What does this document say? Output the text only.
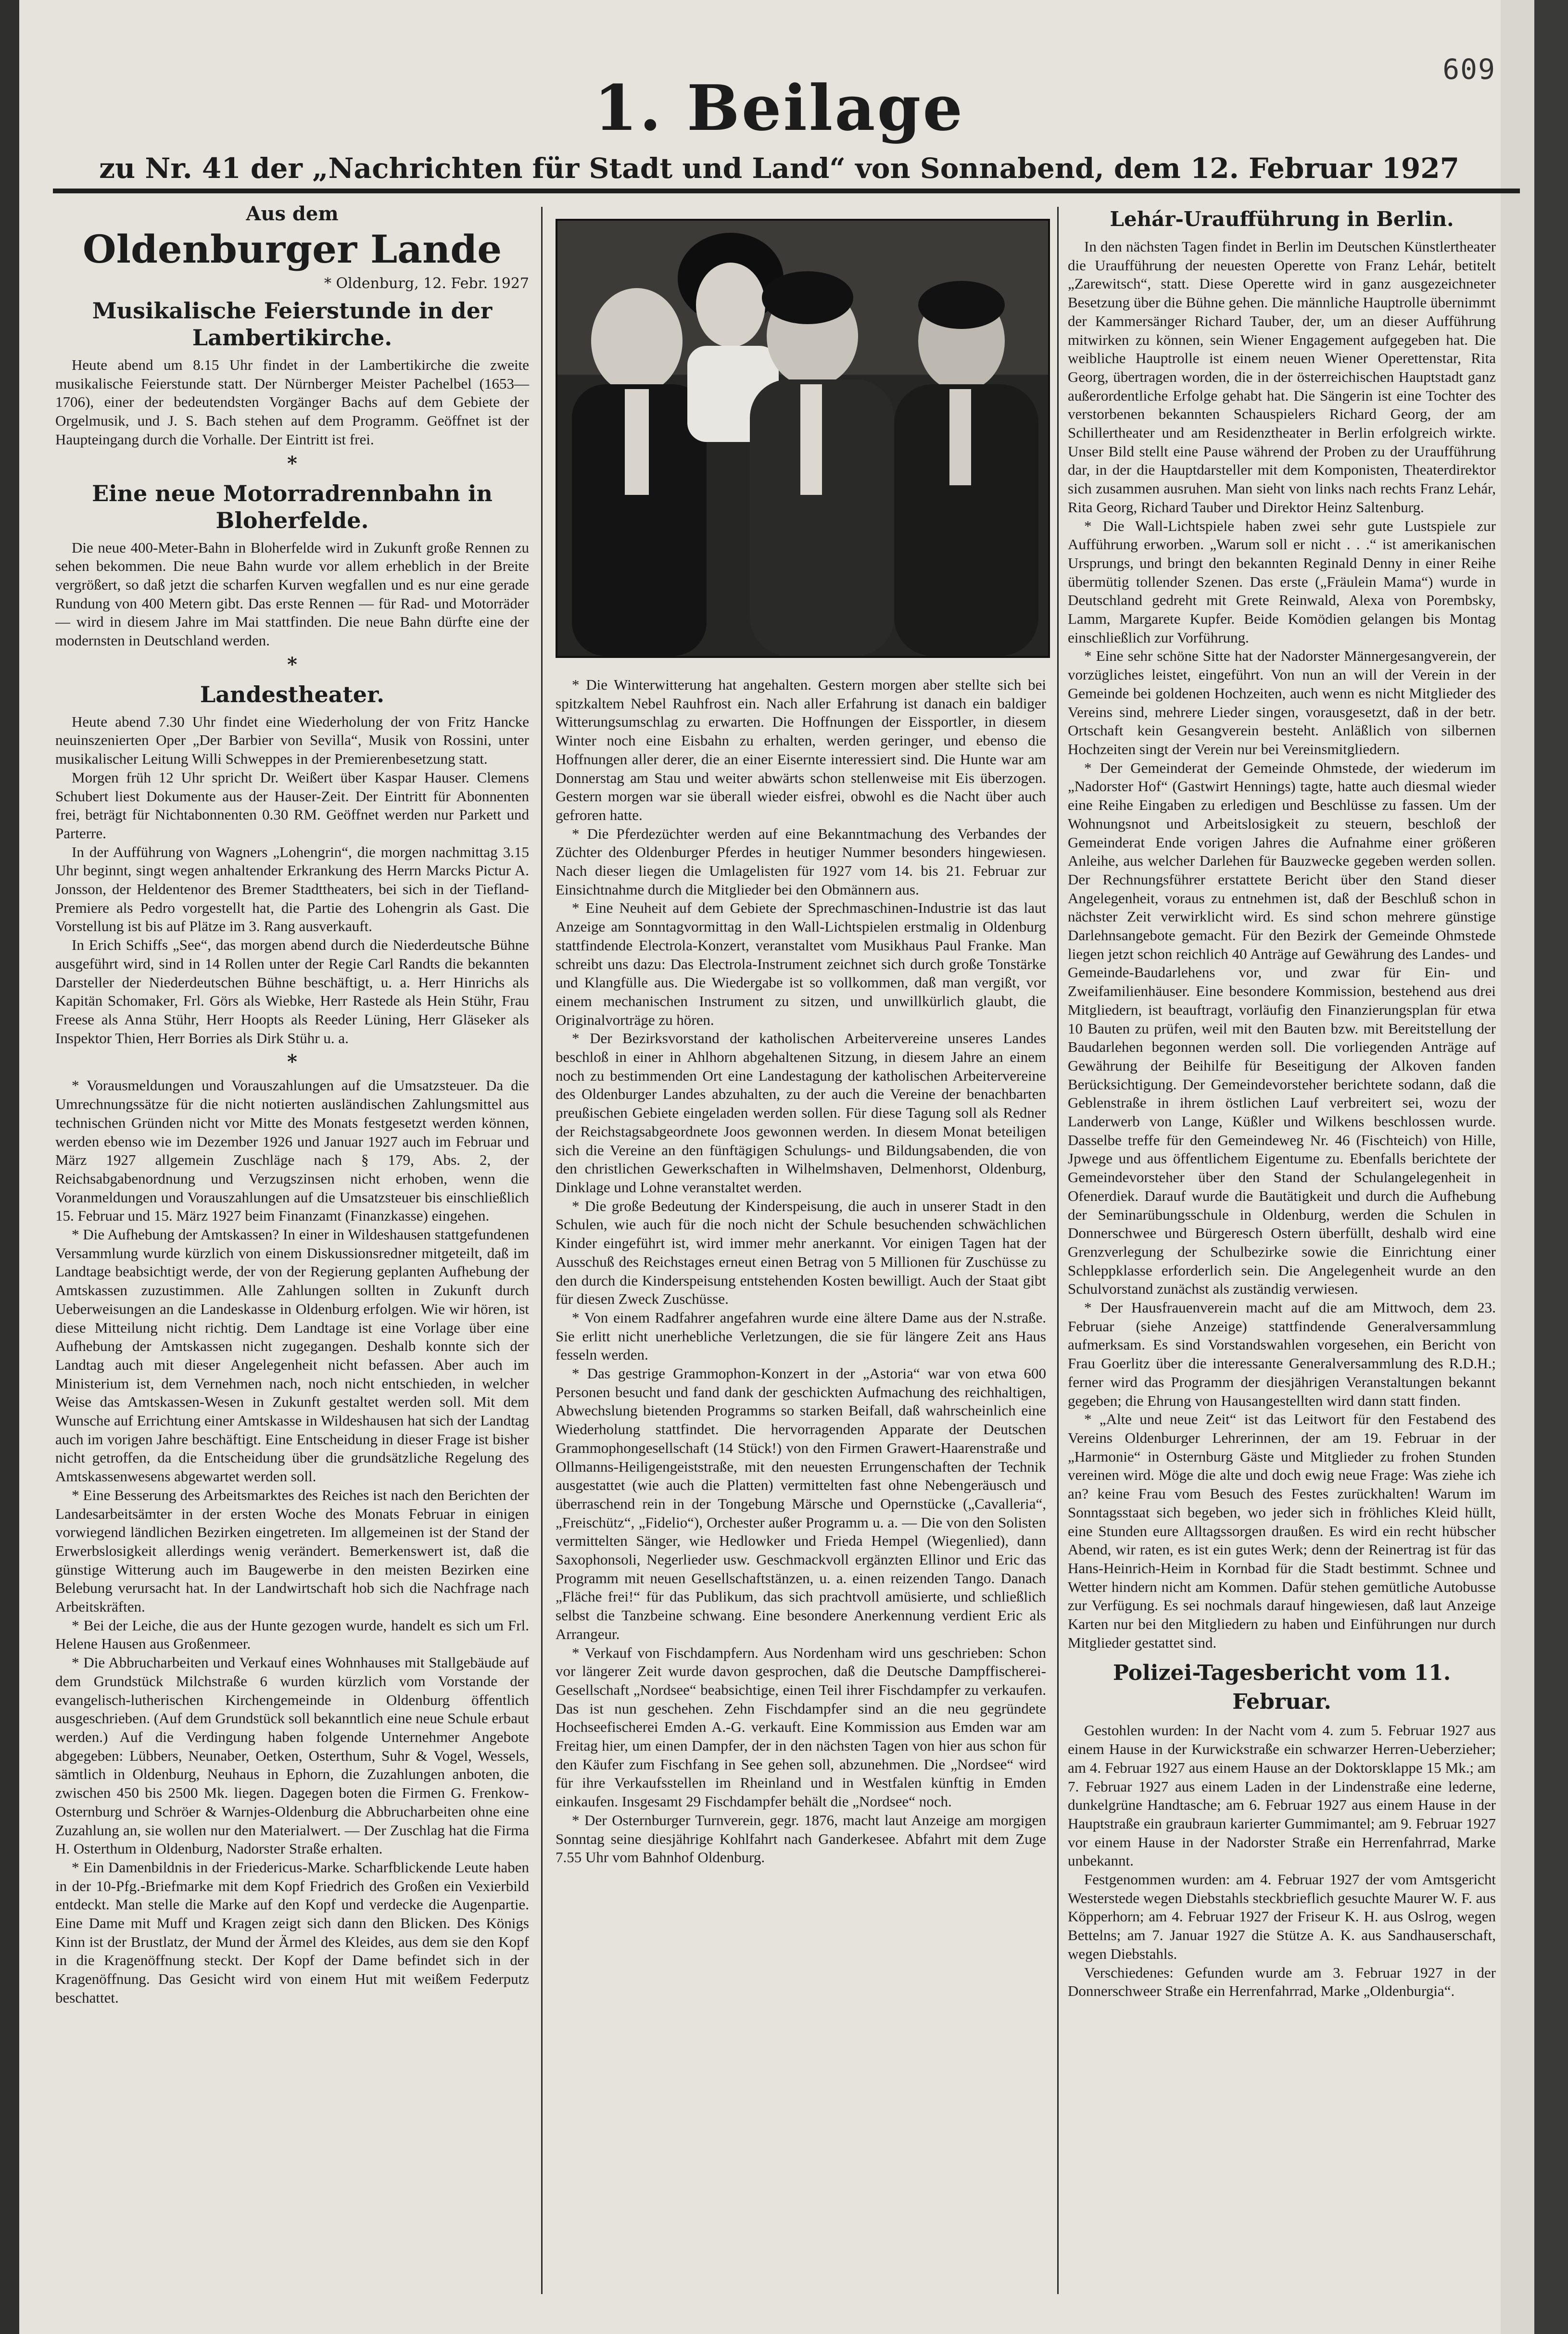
609
1. Beilage
zu Nr. 41 der „Nachrichten für Stadt und Land“ von Sonnabend, dem 12. Februar 1927
Aus dem
Oldenburger Lande
* Oldenburg, 12. Febr. 1927
Musikalische Feierstunde in der Lambertikirche.

Heute abend um 8.15 Uhr findet in der Lambertikirche die zweite musikalische Feierstunde statt. Der Nürnberger Meister Pachelbel (1653—1706), einer der bedeutendsten Vorgänger Bachs auf dem Gebiete der Orgelmusik, und J. S. Bach stehen auf dem Programm. Geöffnet ist der Haupteingang durch die Vorhalle. Der Eintritt ist frei.

*
Eine neue Motorradrennbahn in Bloherfelde.

Die neue 400-Meter-Bahn in Bloherfelde wird in Zukunft große Rennen zu sehen bekommen. Die neue Bahn wurde vor allem erheblich in der Breite vergrößert, so daß jetzt die scharfen Kurven wegfallen und es nur eine gerade Rundung von 400 Metern gibt. Das erste Rennen — für Rad- und Motorräder — wird in diesem Jahre im Mai stattfinden. Die neue Bahn dürfte eine der modernsten in Deutschland werden.

*
Landestheater.

Heute abend 7.30 Uhr findet eine Wiederholung der von Fritz Hancke neuinszenierten Oper „Der Barbier von Sevilla“, Musik von Rossini, unter musikalischer Leitung Willi Schweppes in der Premierenbesetzung statt.

Morgen früh 12 Uhr spricht Dr. Weißert über Kaspar Hauser. Clemens Schubert liest Dokumente aus der Hauser-Zeit. Der Eintritt für Abonnenten frei, beträgt für Nichtabonnenten 0.30 RM. Geöffnet werden nur Parkett und Parterre.

In der Aufführung von Wagners „Lohengrin“, die morgen nachmittag 3.15 Uhr beginnt, singt wegen anhaltender Erkrankung des Herrn Marcks Pictur A. Jonsson, der Heldentenor des Bremer Stadttheaters, bei sich in der Tiefland-Premiere als Pedro vorgestellt hat, die Partie des Lohengrin als Gast. Die Vorstellung ist bis auf Plätze im 3. Rang ausverkauft.

In Erich Schiffs „See“, das morgen abend durch die Niederdeutsche Bühne ausgeführt wird, sind in 14 Rollen unter der Regie Carl Randts die bekannten Darsteller der Niederdeutschen Bühne beschäftigt, u. a. Herr Hinrichs als Kapitän Schomaker, Frl. Görs als Wiebke, Herr Rastede als Hein Stühr, Frau Freese als Anna Stühr, Herr Hoopts als Reeder Lüning, Herr Gläseker als Inspektor Thien, Herr Borries als Dirk Stühr u. a.

*

* Vorausmeldungen und Vorauszahlungen auf die Umsatzsteuer. Da die Umrechnungssätze für die nicht notierten ausländischen Zahlungsmittel aus technischen Gründen nicht vor Mitte des Monats festgesetzt werden können, werden ebenso wie im Dezember 1926 und Januar 1927 auch im Februar und März 1927 allgemein Zuschläge nach § 179, Abs. 2, der Reichsabgabenordnung und Verzugszinsen nicht erhoben, wenn die Voranmeldungen und Vorauszahlungen auf die Umsatzsteuer bis einschließlich 15. Februar und 15. März 1927 beim Finanzamt (Finanzkasse) eingehen.

* Die Aufhebung der Amtskassen? In einer in Wildeshausen stattgefundenen Versammlung wurde kürzlich von einem Diskussionsredner mitgeteilt, daß im Landtage beabsichtigt werde, der von der Regierung geplanten Aufhebung der Amtskassen zuzustimmen. Alle Zahlungen sollten in Zukunft durch Ueberweisungen an die Landeskasse in Oldenburg erfolgen. Wie wir hören, ist diese Mitteilung nicht richtig. Dem Landtage ist eine Vorlage über eine Aufhebung der Amtskassen nicht zugegangen. Deshalb konnte sich der Landtag auch mit dieser Angelegenheit nicht befassen. Aber auch im Ministerium ist, dem Vernehmen nach, noch nicht entschieden, in welcher Weise das Amtskassen-Wesen in Zukunft gestaltet werden soll. Mit dem Wunsche auf Errichtung einer Amtskasse in Wildeshausen hat sich der Landtag auch im vorigen Jahre beschäftigt. Eine Entscheidung in dieser Frage ist bisher nicht getroffen, da die Entscheidung über die grundsätzliche Regelung des Amtskassenwesens abgewartet werden soll.

* Eine Besserung des Arbeitsmarktes des Reiches ist nach den Berichten der Landesarbeitsämter in der ersten Woche des Monats Februar in einigen vorwiegend ländlichen Bezirken eingetreten. Im allgemeinen ist der Stand der Erwerbslosigkeit allerdings wenig verändert. Bemerkenswert ist, daß die günstige Witterung auch im Baugewerbe in den meisten Bezirken eine Belebung verursacht hat. In der Landwirtschaft hob sich die Nachfrage nach Arbeitskräften.

* Bei der Leiche, die aus der Hunte gezogen wurde, handelt es sich um Frl. Helene Hausen aus Großenmeer.

* Die Abbrucharbeiten und Verkauf eines Wohnhauses mit Stallgebäude auf dem Grundstück Milchstraße 6 wurden kürzlich vom Vorstande der evangelisch-lutherischen Kirchengemeinde in Oldenburg öffentlich ausgeschrieben. (Auf dem Grundstück soll bekanntlich eine neue Schule erbaut werden.) Auf die Verdingung haben folgende Unternehmer Angebote abgegeben: Lübbers, Neunaber, Oetken, Osterthum, Suhr & Vogel, Wessels, sämtlich in Oldenburg, Neuhaus in Ephorn, die Zuzahlungen anboten, die zwischen 450 bis 2500 Mk. liegen. Dagegen boten die Firmen G. Frenkow-Osternburg und Schröer & Warnjes-Oldenburg die Abbrucharbeiten ohne eine Zuzahlung an, sie wollen nur den Materialwert. — Der Zuschlag hat die Firma H. Osterthum in Oldenburg, Nadorster Straße erhalten.

* Ein Damenbildnis in der Friedericus-Marke. Scharfblickende Leute haben in der 10-Pfg.-Briefmarke mit dem Kopf Friedrich des Großen ein Vexierbild entdeckt. Man stelle die Marke auf den Kopf und verdecke die Augenpartie. Eine Dame mit Muff und Kragen zeigt sich dann den Blicken. Des Königs Kinn ist der Brustlatz, der Mund der Ärmel des Kleides, aus dem sie den Kopf in die Kragenöffnung steckt. Der Kopf der Dame befindet sich in der Kragenöffnung. Das Gesicht wird von einem Hut mit weißem Federputz beschattet.

* Die Winterwitterung hat angehalten. Gestern morgen aber stellte sich bei spitzkaltem Nebel Rauhfrost ein. Nach aller Erfahrung ist danach ein baldiger Witterungsumschlag zu erwarten. Die Hoffnungen der Eissportler, in diesem Winter noch eine Eisbahn zu erhalten, werden geringer, und ebenso die Hoffnungen aller derer, die an einer Eisernte interessiert sind. Die Hunte war am Donnerstag am Stau und weiter abwärts schon stellenweise mit Eis überzogen. Gestern morgen war sie überall wieder eisfrei, obwohl es die Nacht über auch gefroren hatte.

* Die Pferdezüchter werden auf eine Bekanntmachung des Verbandes der Züchter des Oldenburger Pferdes in heutiger Nummer besonders hingewiesen. Nach dieser liegen die Umlagelisten für 1927 vom 14. bis 21. Februar zur Einsichtnahme durch die Mitglieder bei den Obmännern aus.

* Eine Neuheit auf dem Gebiete der Sprechmaschinen-Industrie ist das laut Anzeige am Sonntagvormittag in den Wall-Lichtspielen erstmalig in Oldenburg stattfindende Electrola-Konzert, veranstaltet vom Musikhaus Paul Franke. Man schreibt uns dazu: Das Electrola-Instrument zeichnet sich durch große Tonstärke und Klangfülle aus. Die Wiedergabe ist so vollkommen, daß man vergißt, vor einem mechanischen Instrument zu sitzen, und unwillkürlich glaubt, die Originalvorträge zu hören.

* Der Bezirksvorstand der katholischen Arbeitervereine unseres Landes beschloß in einer in Ahlhorn abgehaltenen Sitzung, in diesem Jahre an einem noch zu bestimmenden Ort eine Landestagung der katholischen Arbeitervereine des Oldenburger Landes abzuhalten, zu der auch die Vereine der benachbarten preußischen Gebiete eingeladen werden sollen. Für diese Tagung soll als Redner der Reichstagsabgeordnete Joos gewonnen werden. In diesem Monat beteiligen sich die Vereine an den fünftägigen Schulungs- und Bildungsabenden, die von den christlichen Gewerkschaften in Wilhelmshaven, Delmenhorst, Oldenburg, Dinklage und Lohne veranstaltet werden.

* Die große Bedeutung der Kinderspeisung, die auch in unserer Stadt in den Schulen, wie auch für die noch nicht der Schule besuchenden schwächlichen Kinder eingeführt ist, wird immer mehr anerkannt. Vor einigen Tagen hat der Ausschuß des Reichstages erneut einen Betrag von 5 Millionen für Zuschüsse zu den durch die Kinderspeisung entstehenden Kosten bewilligt. Auch der Staat gibt für diesen Zweck Zuschüsse.

* Von einem Radfahrer angefahren wurde eine ältere Dame aus der N.straße. Sie erlitt nicht unerhebliche Verletzungen, die sie für längere Zeit ans Haus fesseln werden.

* Das gestrige Grammophon-Konzert in der „Astoria“ war von etwa 600 Personen besucht und fand dank der geschickten Aufmachung des reichhaltigen, Abwechslung bietenden Programms so starken Beifall, daß wahrscheinlich eine Wiederholung stattfindet. Die hervorragenden Apparate der Deutschen Grammophongesellschaft (14 Stück!) von den Firmen Grawert-Haarenstraße und Ollmanns-Heiligengeiststraße, mit den neuesten Errungenschaften der Technik ausgestattet (wie auch die Platten) vermittelten fast ohne Nebengeräusch und überraschend rein in der Tongebung Märsche und Opernstücke („Cavalleria“, „Freischütz“, „Fidelio“), Orchester außer Programm u. a. — Die von den Solisten vermittelten Sänger, wie Hedlowker und Frieda Hempel (Wiegenlied), dann Saxophonsoli, Negerlieder usw. Geschmackvoll ergänzten Ellinor und Eric das Programm mit neuen Gesellschaftstänzen, u. a. einen reizenden Tango. Danach „Fläche frei!“ für das Publikum, das sich prachtvoll amüsierte, und schließlich selbst die Tanzbeine schwang. Eine besondere Anerkennung verdient Eric als Arrangeur.

* Verkauf von Fischdampfern. Aus Nordenham wird uns geschrieben: Schon vor längerer Zeit wurde davon gesprochen, daß die Deutsche Dampffischerei-Gesellschaft „Nordsee“ beabsichtige, einen Teil ihrer Fischdampfer zu verkaufen. Das ist nun geschehen. Zehn Fischdampfer sind an die neu gegründete Hochseefischerei Emden A.-G. verkauft. Eine Kommission aus Emden war am Freitag hier, um einen Dampfer, der in den nächsten Tagen von hier aus schon für den Käufer zum Fischfang in See gehen soll, abzunehmen. Die „Nordsee“ wird für ihre Verkaufsstellen im Rheinland und in Westfalen künftig in Emden einkaufen. Insgesamt 29 Fischdampfer behält die „Nordsee“ noch.

* Der Osternburger Turnverein, gegr. 1876, macht laut Anzeige am morgigen Sonntag seine diesjährige Kohlfahrt nach Ganderkesee. Abfahrt mit dem Zuge 7.55 Uhr vom Bahnhof Oldenburg.

Lehár-Uraufführung in Berlin.

In den nächsten Tagen findet in Berlin im Deutschen Künstlertheater die Uraufführung der neuesten Operette von Franz Lehár, betitelt „Zarewitsch“, statt. Diese Operette wird in ganz ausgezeichneter Besetzung über die Bühne gehen. Die männliche Hauptrolle übernimmt der Kammersänger Richard Tauber, der, um an dieser Aufführung mitwirken zu können, sein Wiener Engagement aufgegeben hat. Die weibliche Hauptrolle ist einem neuen Wiener Operettenstar, Rita Georg, übertragen worden, die in der österreichischen Hauptstadt ganz außerordentliche Erfolge gehabt hat. Die Sängerin ist eine Tochter des verstorbenen bekannten Schauspielers Richard Georg, der am Schillertheater und am Residenztheater in Berlin erfolgreich wirkte. Unser Bild stellt eine Pause während der Proben zu der Uraufführung dar, in der die Hauptdarsteller mit dem Komponisten, Theaterdirektor sich zusammen ausruhen. Man sieht von links nach rechts Franz Lehár, Rita Georg, Richard Tauber und Direktor Heinz Saltenburg.

* Die Wall-Lichtspiele haben zwei sehr gute Lustspiele zur Aufführung erworben. „Warum soll er nicht . . .“ ist amerikanischen Ursprungs, und bringt den bekannten Reginald Denny in einer Reihe übermütig tollender Szenen. Das erste („Fräulein Mama“) wurde in Deutschland gedreht mit Grete Reinwald, Alexa von Porembsky, Lamm, Margarete Kupfer. Beide Komödien gelangen bis Montag einschließlich zur Vorführung.

* Eine sehr schöne Sitte hat der Nadorster Männergesangverein, der vorzügliches leistet, eingeführt. Von nun an will der Verein in der Gemeinde bei goldenen Hochzeiten, auch wenn es nicht Mitglieder des Vereins sind, mehrere Lieder singen, vorausgesetzt, daß in der betr. Ortschaft kein Gesangverein besteht. Anläßlich von silbernen Hochzeiten singt der Verein nur bei Vereinsmitgliedern.

* Der Gemeinderat der Gemeinde Ohmstede, der wiederum im „Nadorster Hof“ (Gastwirt Hennings) tagte, hatte auch diesmal wieder eine Reihe Eingaben zu erledigen und Beschlüsse zu fassen. Um der Wohnungsnot und Arbeitslosigkeit zu steuern, beschloß der Gemeinderat Ende vorigen Jahres die Aufnahme einer größeren Anleihe, aus welcher Darlehen für Bauzwecke gegeben werden sollen. Der Rechnungsführer erstattete Bericht über den Stand dieser Angelegenheit, voraus zu entnehmen ist, daß der Beschluß schon in nächster Zeit verwirklicht wird. Es sind schon mehrere günstige Darlehnsangebote gemacht. Für den Bezirk der Gemeinde Ohmstede liegen jetzt schon reichlich 40 Anträge auf Gewährung des Landes- und Gemeinde-Baudarlehens vor, und zwar für Ein- und Zweifamilienhäuser. Eine besondere Kommission, bestehend aus drei Mitgliedern, ist beauftragt, vorläufig den Finanzierungsplan für etwa 10 Bauten zu prüfen, weil mit den Bauten bzw. mit Bereitstellung der Baudarlehen begonnen werden soll. Die vorliegenden Anträge auf Gewährung der Beihilfe für Beseitigung der Alkoven fanden Berücksichtigung. Der Gemeindevorsteher berichtete sodann, daß die Geblenstraße in ihrem östlichen Lauf verbreitert sei, wozu der Landerwerb von Lange, Küßler und Wilkens beschlossen wurde. Dasselbe treffe für den Gemeindeweg Nr. 46 (Fischteich) von Hille, Jpwege und aus öffentlichem Eigentume zu. Ebenfalls berichtete der Gemeindevorsteher über den Stand der Schulangelegenheit in Ofenerdiek. Darauf wurde die Bautätigkeit und durch die Aufhebung der Seminarübungsschule in Oldenburg, werden die Schulen in Donnerschwee und Bürgeresch Ostern überfüllt, deshalb wird eine Grenzverlegung der Schulbezirke sowie die Einrichtung einer Schleppklasse erforderlich sein. Die Angelegenheit wurde an den Schulvorstand zunächst als zuständig verwiesen.

* Der Hausfrauenverein macht auf die am Mittwoch, dem 23. Februar (siehe Anzeige) stattfindende Generalversammlung aufmerksam. Es sind Vorstandswahlen vorgesehen, ein Bericht von Frau Goerlitz über die interessante Generalversammlung des R.D.H.; ferner wird das Programm der diesjährigen Veranstaltungen bekannt gegeben; die Ehrung von Hausangestellten wird dann statt finden.

* „Alte und neue Zeit“ ist das Leitwort für den Festabend des Vereins Oldenburger Lehrerinnen, der am 19. Februar in der „Harmonie“ in Osternburg Gäste und Mitglieder zu frohen Stunden vereinen wird. Möge die alte und doch ewig neue Frage: Was ziehe ich an? keine Frau vom Besuch des Festes zurückhalten! Warum im Sonntagsstaat sich begeben, wo jeder sich in fröhliches Kleid hüllt, eine Stunden eure Alltagssorgen draußen. Es wird ein recht hübscher Abend, wir raten, es ist ein gutes Werk; denn der Reinertrag ist für das Hans-Heinrich-Heim in Kornbad für die Stadt bestimmt. Schnee und Wetter hindern nicht am Kommen. Dafür stehen gemütliche Autobusse zur Verfügung. Es sei nochmals darauf hingewiesen, daß laut Anzeige Karten nur bei den Mitgliedern zu haben und Einführungen nur durch Mitglieder gestattet sind.

Polizei-Tagesbericht vom 11. Februar.

Gestohlen wurden: In der Nacht vom 4. zum 5. Februar 1927 aus einem Hause in der Kurwickstraße ein schwarzer Herren-Ueberzieher; am 4. Februar 1927 aus einem Hause an der Doktorsklappe 15 Mk.; am 7. Februar 1927 aus einem Laden in der Lindenstraße eine lederne, dunkelgrüne Handtasche; am 6. Februar 1927 aus einem Hause in der Hauptstraße ein graubraun karierter Gummimantel; am 9. Februar 1927 vor einem Hause in der Nadorster Straße ein Herrenfahrrad, Marke unbekannt.

Festgenommen wurden: am 4. Februar 1927 der vom Amtsgericht Westerstede wegen Diebstahls steckbrieflich gesuchte Maurer W. F. aus Köpperhorn; am 4. Februar 1927 der Friseur K. H. aus Oslrog, wegen Bettelns; am 7. Januar 1927 die Stütze A. K. aus Sandhauserschaft, wegen Diebstahls.

Verschiedenes: Gefunden wurde am 3. Februar 1927 in der Donnerschweer Straße ein Herrenfahrrad, Marke „Oldenburgia“.
